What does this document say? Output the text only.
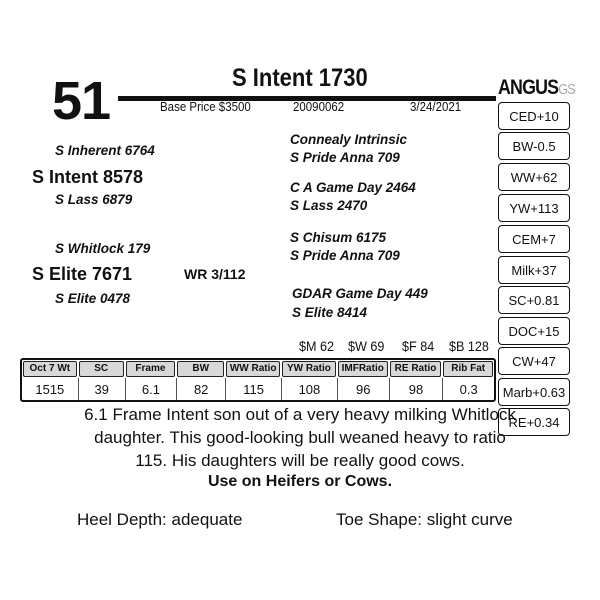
51	S Intent 1730
Base Price $3500	20090062	3/24/2021
ANGUSGS
S Inherent 6764
S Intent 8578
S Lass 6879
S Whitlock 179
S Elite 7671	WR 3/112
S Elite 0478
Connealy Intrinsic
S Pride Anna 709
C A Game Day 2464
S Lass 2470
S Chisum 6175
S Pride Anna 709
GDAR Game Day 449
S Elite 8414
CED+10
BW-0.5
WW+62
YW+113
CEM+7
Milk+37
SC+0.81
DOC+15
CW+47
Marb+0.63
RE+0.34
$M 62 $W 69 $F 84 $B 128
Oct 7 Wt	SC	Frame	BW	WW Ratio	YW Ratio	IMFRatio	RE Ratio	Rib Fat

1515	39	6.1	82	115	108	96	98	0.3
6.1 Frame Intent son out of a very heavy milking Whitlock
daughter. This good-looking bull weaned heavy to ratio
115. His daughters will be really good cows.
Use on Heifers or Cows.
Heel Depth: adequate	Toe Shape: slight curve
